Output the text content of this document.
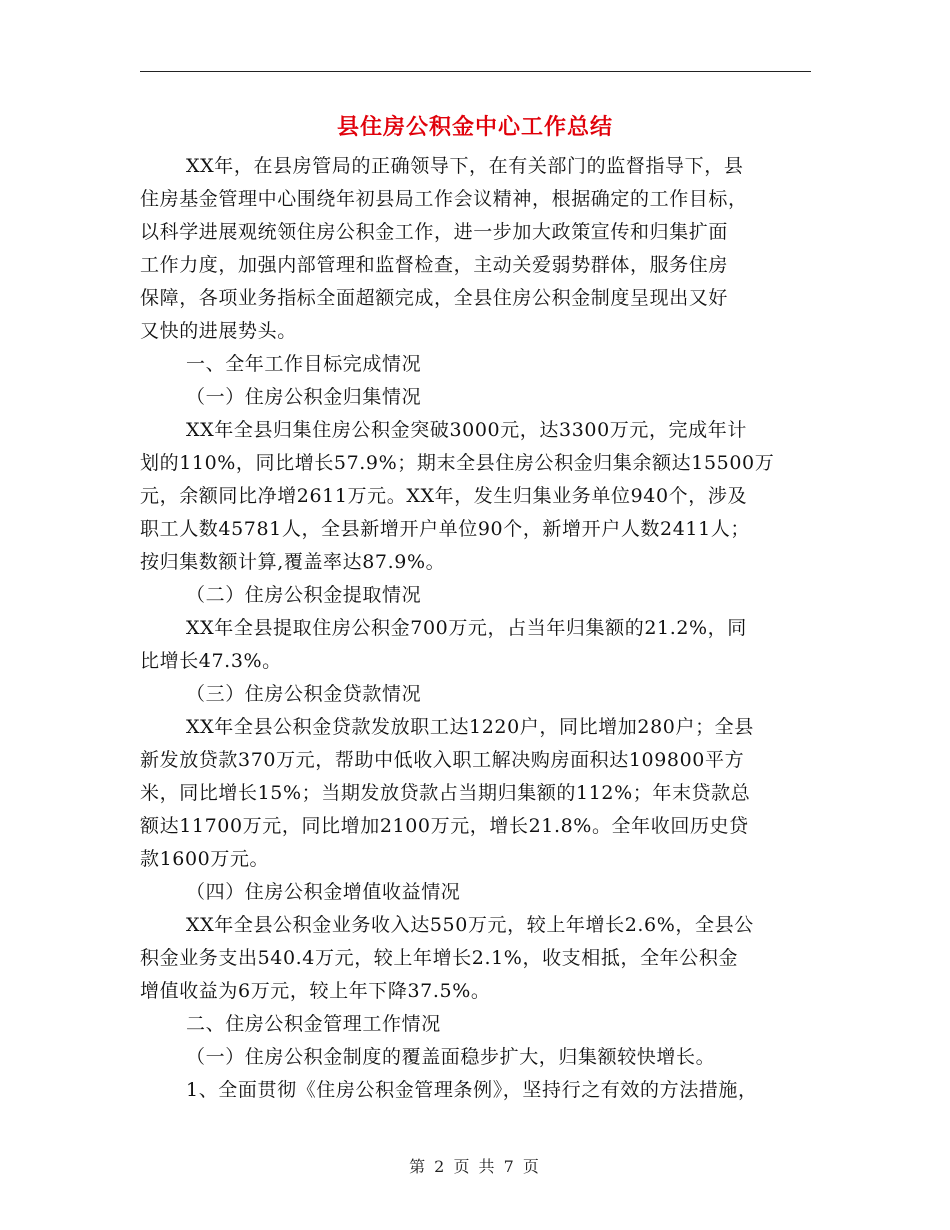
县住房公积金中心工作总结
XX年，在县房管局的正确领导下，在有关部门的监督指导下，县
住房基金管理中心围绕年初县局工作会议精神，根据确定的工作目标，
以科学进展观统领住房公积金工作，进一步加大政策宣传和归集扩面
工作力度，加强内部管理和监督检查，主动关爱弱势群体，服务住房
保障，各项业务指标全面超额完成，全县住房公积金制度呈现出又好
又快的进展势头。
一、全年工作目标完成情况
（一）住房公积金归集情况
XX年全县归集住房公积金突破3000元，达3300万元，完成年计
划的110%，同比增长57.9%；期末全县住房公积金归集余额达15500万
元，余额同比净增2611万元。XX年，发生归集业务单位940个，涉及
职工人数45781人，全县新增开户单位90个，新增开户人数2411人；
按归集数额计算,覆盖率达87.9%。
（二）住房公积金提取情况
XX年全县提取住房公积金700万元，占当年归集额的21.2%，同
比增长47.3%。
（三）住房公积金贷款情况
XX年全县公积金贷款发放职工达1220户，同比增加280户；全县
新发放贷款370万元，帮助中低收入职工解决购房面积达109800平方
米，同比增长15%；当期发放贷款占当期归集额的112%；年末贷款总
额达11700万元，同比增加2100万元，增长21.8%。全年收回历史贷
款1600万元。
（四）住房公积金增值收益情况
XX年全县公积金业务收入达550万元，较上年增长2.6%，全县公
积金业务支出540.4万元，较上年增长2.1%，收支相抵，全年公积金
增值收益为6万元，较上年下降37.5%。
二、住房公积金管理工作情况
（一）住房公积金制度的覆盖面稳步扩大，归集额较快增长。
1、全面贯彻《住房公积金管理条例》，坚持行之有效的方法措施，
第 2 页 共 7 页
